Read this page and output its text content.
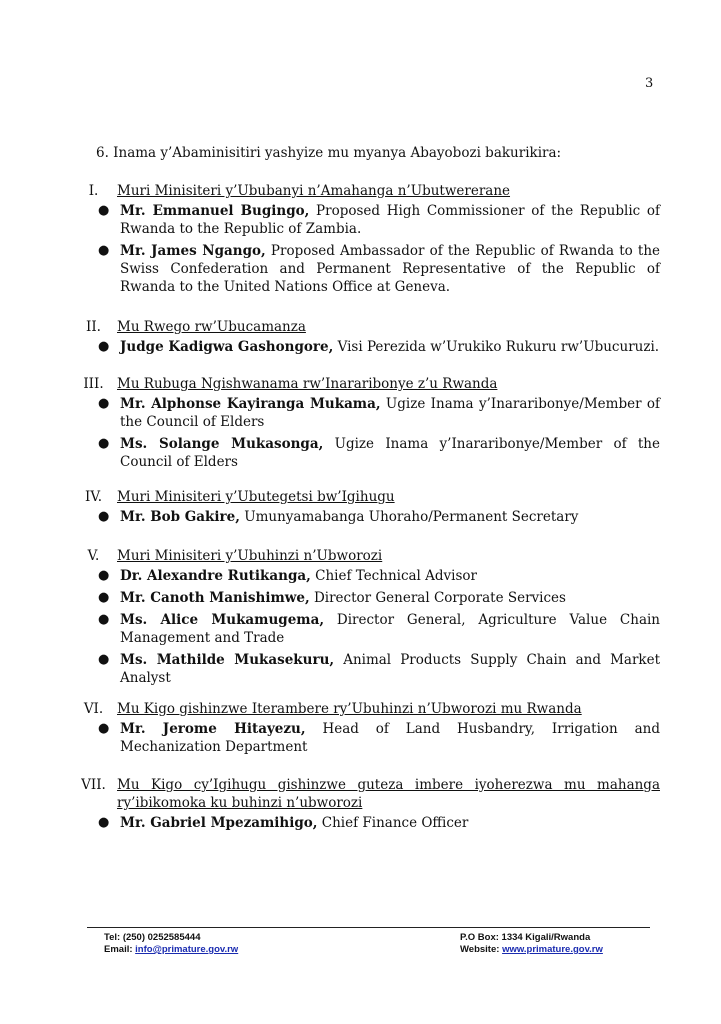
3
6. Inama y’Abaminisitiri yashyize mu myanya Abayobozi bakurikira:
I.	Muri Minisiteri y’Ububanyi n’Amahanga n’Ubutwererane
● Mr. Emmanuel Bugingo, Proposed High Commissioner of the Republic of Rwanda to the Republic of Zambia.
● Mr. James Ngango, Proposed Ambassador of the Republic of Rwanda to the Swiss Confederation and Permanent Representative of the Republic of Rwanda to the United Nations Office at Geneva.
II.	Mu Rwego rw’Ubucamanza
● Judge Kadigwa Gashongore, Visi Perezida w’Urukiko Rukuru rw’Ubucuruzi.
III. Mu Rubuga Ngishwanama rw’Inararibonye z’u Rwanda
● Mr. Alphonse Kayiranga Mukama, Ugize Inama y’Inararibonye/Member of the Council of Elders
● Ms. Solange Mukasonga, Ugize Inama y’Inararibonye/Member of the Council of Elders
IV.	Muri Minisiteri y’Ubutegetsi bw’Igihugu
● Mr. Bob Gakire, Umunyamabanga Uhoraho/Permanent Secretary
V.	Muri Minisiteri y’Ubuhinzi n’Ubworozi
● Dr. Alexandre Rutikanga, Chief Technical Advisor
● Mr. Canoth Manishimwe, Director General Corporate Services
● Ms. Alice Mukamugema, Director General, Agriculture Value Chain Management and Trade
● Ms. Mathilde Mukasekuru, Animal Products Supply Chain and Market Analyst
VI.	Mu Kigo gishinzwe Iterambere ry’Ubuhinzi n’Ubworozi mu Rwanda
● Mr. Jerome Hitayezu, Head of Land Husbandry, Irrigation and Mechanization Department
VII. Mu Kigo cy’Igihugu gishinzwe guteza imbere iyoherezwa mu mahanga
ry’ibikomoka ku buhinzi n’ubworozi
● Mr. Gabriel Mpezamihigo, Chief Finance Officer
Tel: (250) 0252585444
Email: info@primature.gov.rw
P.O Box: 1334 Kigali/Rwanda
Website: www.primature.gov.rw
